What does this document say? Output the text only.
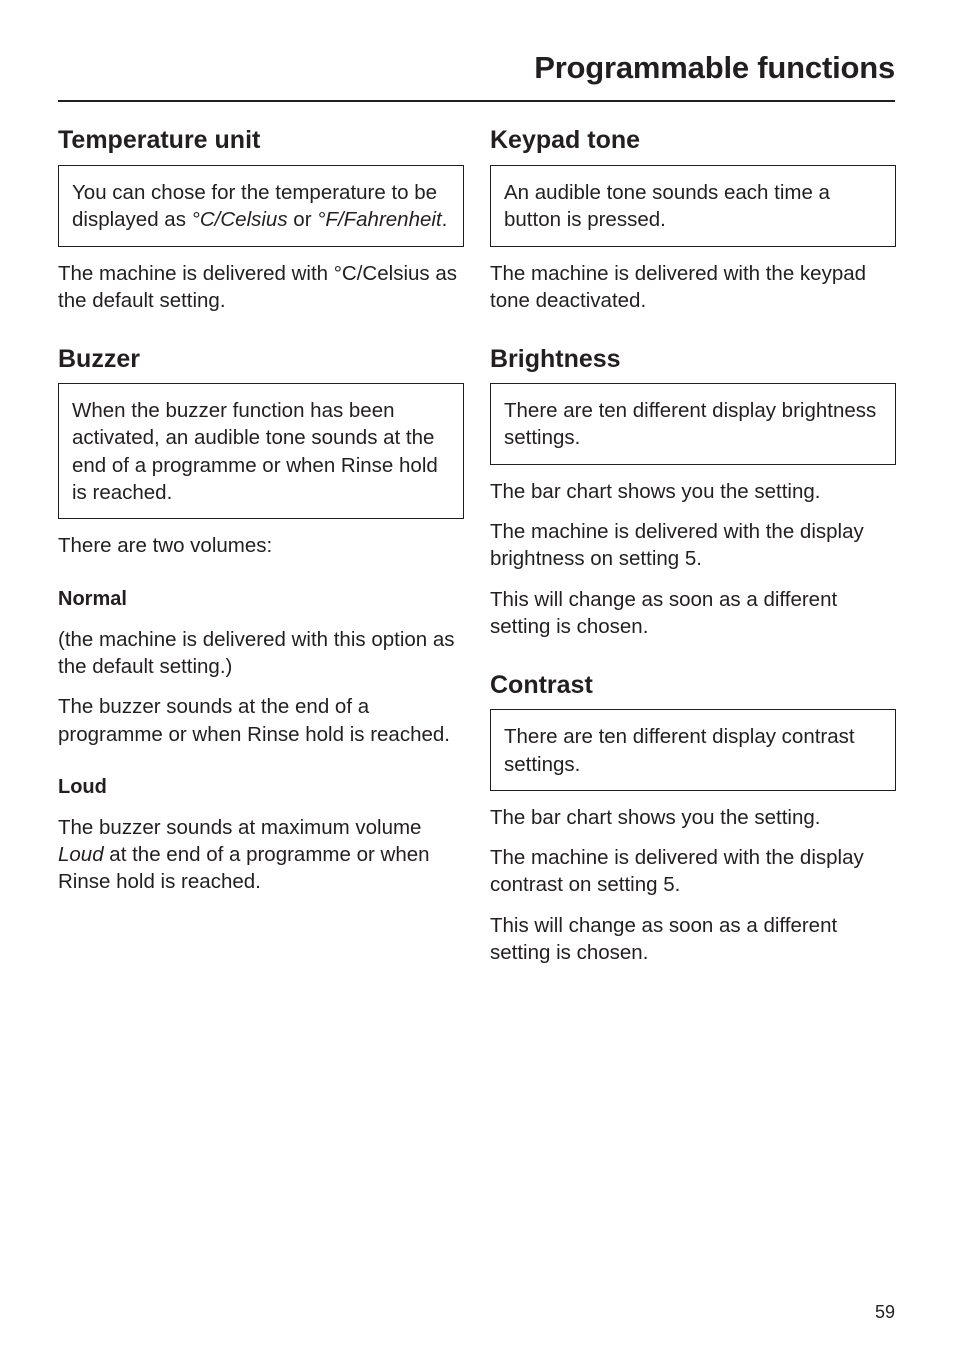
Programmable functions
Temperature unit
You can chose for the temperature to be displayed as °C/Celsius or °F/Fahrenheit.

The machine is delivered with °C/Celsius as the default setting.

Buzzer
When the buzzer function has been activated, an audible tone sounds at the end of a programme or when Rinse hold is reached.

There are two volumes:

Normal

(the machine is delivered with this option as the default setting.)

The buzzer sounds at the end of a programme or when Rinse hold is reached.

Loud

The buzzer sounds at maximum volume Loud at the end of a programme or when Rinse hold is reached.

Keypad tone
An audible tone sounds each time a button is pressed.

The machine is delivered with the keypad tone deactivated.

Brightness
There are ten different display brightness settings.

The bar chart shows you the setting.

The machine is delivered with the display brightness on setting 5.

This will change as soon as a different setting is chosen.

Contrast
There are ten different display contrast settings.

The bar chart shows you the setting.

The machine is delivered with the display contrast on setting 5.

This will change as soon as a different setting is chosen.

59
